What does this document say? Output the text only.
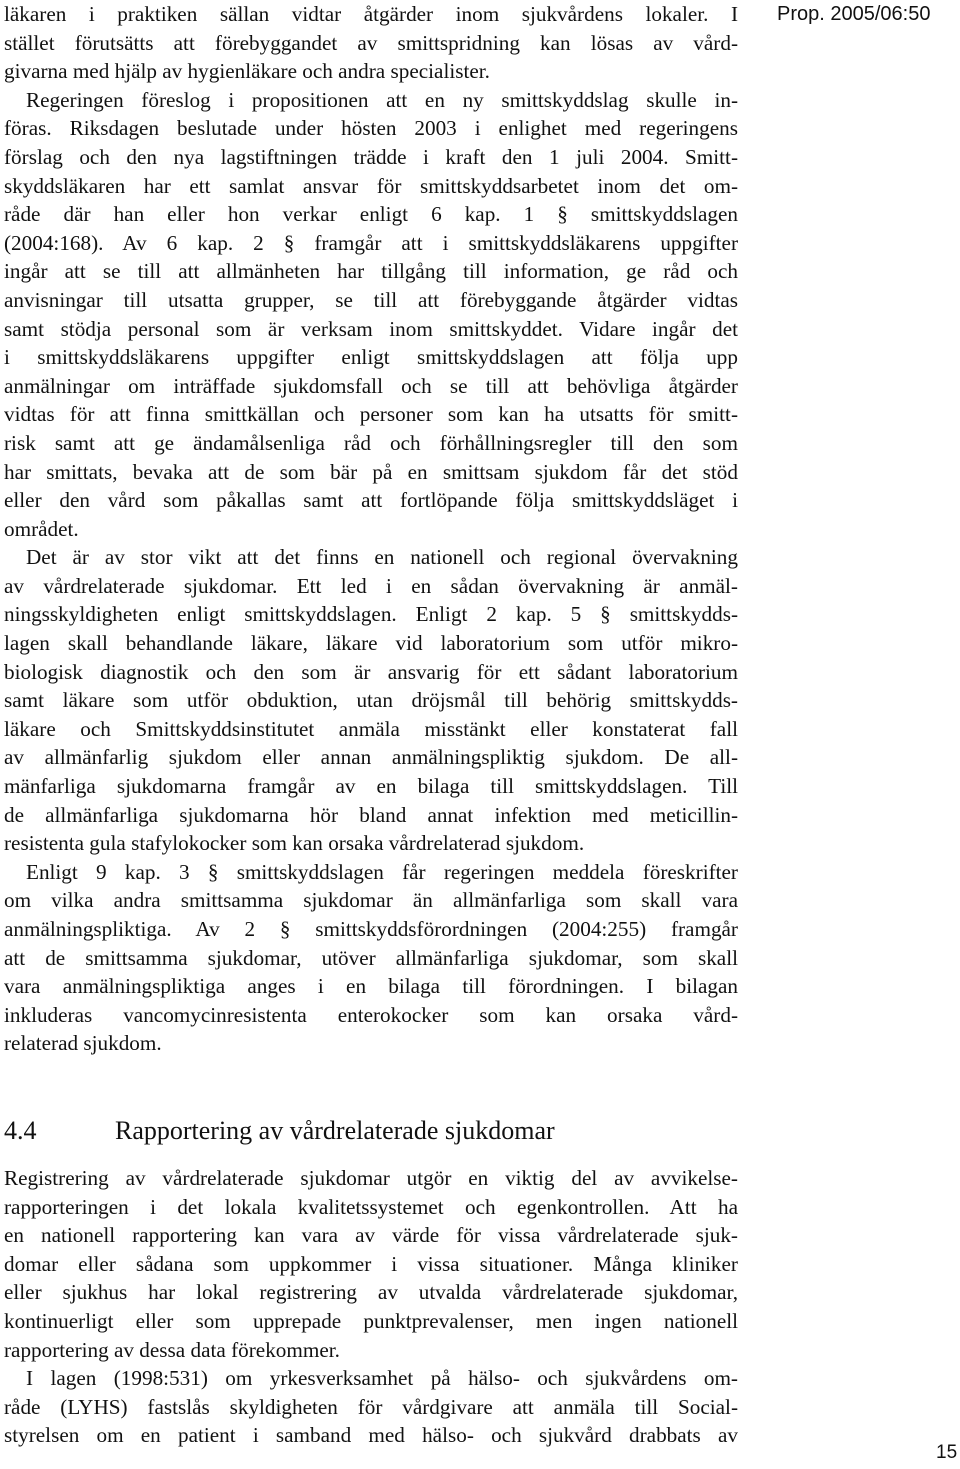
Prop. 2005/06:50
läkaren i praktiken sällan vidtar åtgärder inom sjukvårdens lokaler. I
stället förutsätts att förebyggandet av smittspridning kan lösas av vård-
givarna med hjälp av hygienläkare och andra specialister.
Regeringen föreslog i propositionen att en ny smittskyddslag skulle in-
föras. Riksdagen beslutade under hösten 2003 i enlighet med regeringens
förslag och den nya lagstiftningen trädde i kraft den 1 juli 2004. Smitt-
skyddsläkaren har ett samlat ansvar för smittskyddsarbetet inom det om-
råde där han eller hon verkar enligt 6 kap. 1 § smittskyddslagen
(2004:168). Av 6 kap. 2 § framgår att i smittskyddsläkarens uppgifter
ingår att se till att allmänheten har tillgång till information, ge råd och
anvisningar till utsatta grupper, se till att förebyggande åtgärder vidtas
samt stödja personal som är verksam inom smittskyddet. Vidare ingår det
i smittskyddsläkarens uppgifter enligt smittskyddslagen att följa upp
anmälningar om inträffade sjukdomsfall och se till att behövliga åtgärder
vidtas för att finna smittkällan och personer som kan ha utsatts för smitt-
risk samt att ge ändamålsenliga råd och förhållningsregler till den som
har smittats, bevaka att de som bär på en smittsam sjukdom får det stöd
eller den vård som påkallas samt att fortlöpande följa smittskyddsläget i
området.
Det är av stor vikt att det finns en nationell och regional övervakning
av vårdrelaterade sjukdomar. Ett led i en sådan övervakning är anmäl-
ningsskyldigheten enligt smittskyddslagen. Enligt 2 kap. 5 § smittskydds-
lagen skall behandlande läkare, läkare vid laboratorium som utför mikro-
biologisk diagnostik och den som är ansvarig för ett sådant laboratorium
samt läkare som utför obduktion, utan dröjsmål till behörig smittskydds-
läkare och Smittskyddsinstitutet anmäla misstänkt eller konstaterat fall
av allmänfarlig sjukdom eller annan anmälningspliktig sjukdom. De all-
mänfarliga sjukdomarna framgår av en bilaga till smittskyddslagen. Till
de allmänfarliga sjukdomarna hör bland annat infektion med meticillin-
resistenta gula stafylokocker som kan orsaka vårdrelaterad sjukdom.
Enligt 9 kap. 3 § smittskyddslagen får regeringen meddela föreskrifter
om vilka andra smittsamma sjukdomar än allmänfarliga som skall vara
anmälningspliktiga. Av 2 § smittskyddsförordningen (2004:255) framgår
att de smittsamma sjukdomar, utöver allmänfarliga sjukdomar, som skall
vara anmälningspliktiga anges i en bilaga till förordningen. I bilagan
inkluderas vancomycinresistenta enterokocker som kan orsaka vård-
relaterad sjukdom.
4.4	Rapportering av vårdrelaterade sjukdomar
Registrering av vårdrelaterade sjukdomar utgör en viktig del av avvikelse-
rapporteringen i det lokala kvalitetssystemet och egenkontrollen. Att ha
en nationell rapportering kan vara av värde för vissa vårdrelaterade sjuk-
domar eller sådana som uppkommer i vissa situationer. Många kliniker
eller sjukhus har lokal registrering av utvalda vårdrelaterade sjukdomar,
kontinuerligt eller som upprepade punktprevalenser, men ingen nationell
rapportering av dessa data förekommer.
I lagen (1998:531) om yrkesverksamhet på hälso- och sjukvårdens om-
råde (LYHS) fastslås skyldigheten för vårdgivare att anmäla till Social-
styrelsen om en patient i samband med hälso- och sjukvård drabbats av
15
